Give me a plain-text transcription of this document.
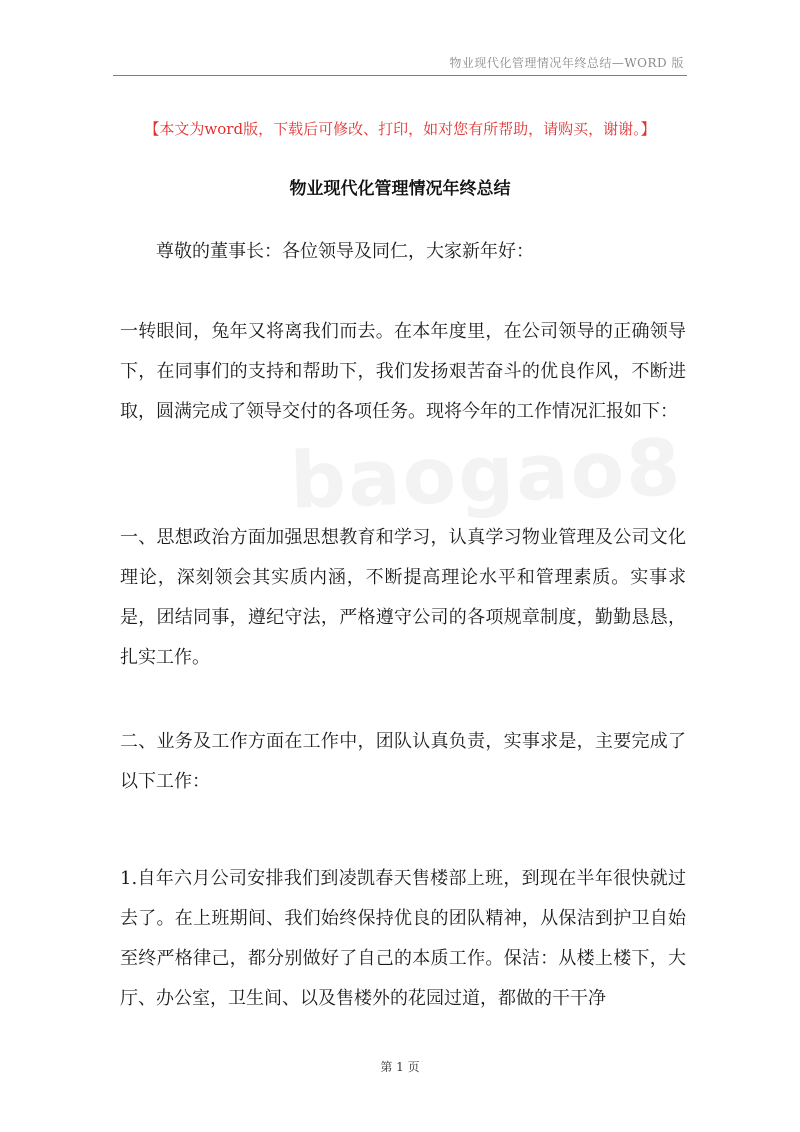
物业现代化管理情况年终总结—WORD 版
【本文为word版，下载后可修改、打印，如对您有所帮助，请购买，谢谢。】
物业现代化管理情况年终总结

尊敬的董事长：各位领导及同仁，大家新年好：

一转眼间，兔年又将离我们而去。在本年度里，在公司领导的正确领导下，在同事们的支持和帮助下，我们发扬艰苦奋斗的优良作风，不断进取，圆满完成了领导交付的各项任务。现将今年的工作情况汇报如下：

baogao8

一、思想政治方面加强思想教育和学习，认真学习物业管理及公司文化理论，深刻领会其实质内涵，不断提高理论水平和管理素质。实事求是，团结同事，遵纪守法，严格遵守公司的各项规章制度，勤勤恳恳，扎实工作。

二、业务及工作方面在工作中，团队认真负责，实事求是，主要完成了以下工作：

1.自年六月公司安排我们到凌凯春天售楼部上班，到现在半年很快就过去了。在上班期间、我们始终保持优良的团队精神，从保洁到护卫自始至终严格律己，都分别做好了自己的本质工作。保洁：从楼上楼下，大厅、办公室，卫生间、以及售楼外的花园过道，都做的干干净

第 1 页
